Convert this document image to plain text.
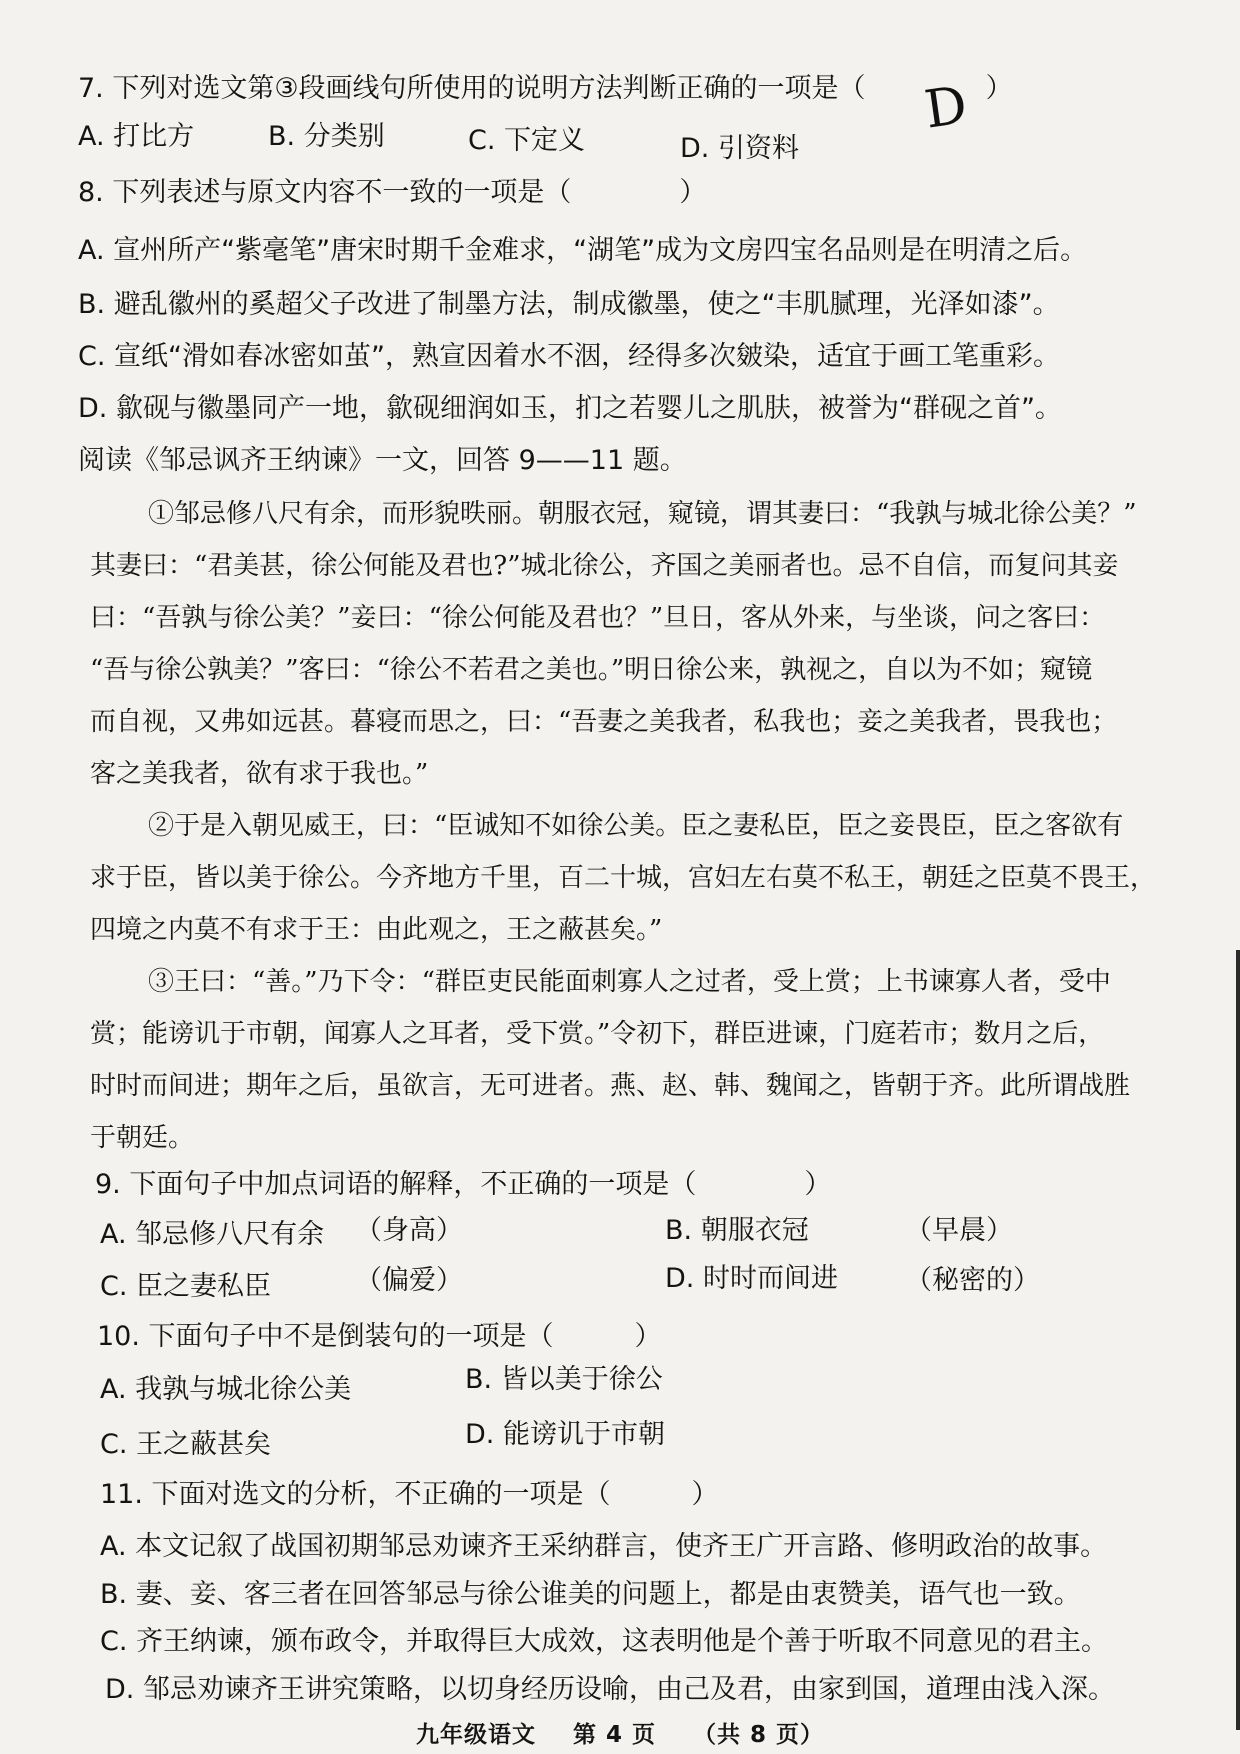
7. 下列对选文第③段画线句所使用的说明方法判断正确的一项是（	）
D
A. 打比方	B. 分类别	C. 下定义	D. 引资料
8. 下列表述与原文内容不一致的一项是（　　　　）
A. 宣州所产“紫毫笔”唐宋时期千金难求，“湖笔”成为文房四宝名品则是在明清之后。
B. 避乱徽州的奚超父子改进了制墨方法，制成徽墨，使之“丰肌腻理，光泽如漆”。
C. 宣纸“滑如春冰密如茧”，熟宣因着水不洇，经得多次皴染，适宜于画工笔重彩。
D. 歙砚与徽墨同产一地，歙砚细润如玉，扪之若婴儿之肌肤，被誉为“群砚之首”。
阅读《邹忌讽齐王纳谏》一文，回答 9——11 题。
①邹忌修八尺有余，而形貌昳丽。朝服衣冠，窥镜，谓其妻曰：“我孰与城北徐公美？”
其妻曰：“君美甚，徐公何能及君也?”城北徐公，齐国之美丽者也。忌不自信，而复问其妾
曰：“吾孰与徐公美？”妾曰：“徐公何能及君也？”旦日，客从外来，与坐谈，问之客曰：
“吾与徐公孰美？”客曰：“徐公不若君之美也。”明日徐公来，孰视之，自以为不如；窥镜
而自视，又弗如远甚。暮寝而思之，曰：“吾妻之美我者，私我也；妾之美我者，畏我也；
客之美我者，欲有求于我也。”
②于是入朝见威王，曰：“臣诚知不如徐公美。臣之妻私臣，臣之妾畏臣，臣之客欲有
求于臣，皆以美于徐公。今齐地方千里，百二十城，宫妇左右莫不私王，朝廷之臣莫不畏王，
四境之内莫不有求于王：由此观之，王之蔽甚矣。”
③王曰：“善。”乃下令：“群臣吏民能面刺寡人之过者，受上赏；上书谏寡人者，受中
赏；能谤讥于市朝，闻寡人之耳者，受下赏。”令初下，群臣进谏，门庭若市；数月之后，
时时而间进；期年之后，虽欲言，无可进者。燕、赵、韩、魏闻之，皆朝于齐。此所谓战胜
于朝廷。
9. 下面句子中加点词语的解释，不正确的一项是（　　　　）
A. 邹忌修八尺有余 （身高）	B. 朝服衣冠	（早晨）
C. 臣之妻私臣	（偏爱）	D. 时时而间进 （秘密的）
10. 下面句子中不是倒装句的一项是（　　　）
A. 我孰与城北徐公美	B. 皆以美于徐公
C. 王之蔽甚矣	D. 能谤讥于市朝
11. 下面对选文的分析，不正确的一项是（　　　）
A. 本文记叙了战国初期邹忌劝谏齐王采纳群言，使齐王广开言路、修明政治的故事。
B. 妻、妾、客三者在回答邹忌与徐公谁美的问题上，都是由衷赞美，语气也一致。
C. 齐王纳谏，颁布政令，并取得巨大成效，这表明他是个善于听取不同意见的君主。
D. 邹忌劝谏齐王讲究策略，以切身经历设喻，由己及君，由家到国，道理由浅入深。
九年级语文 第 4 页 （共 8 页）
